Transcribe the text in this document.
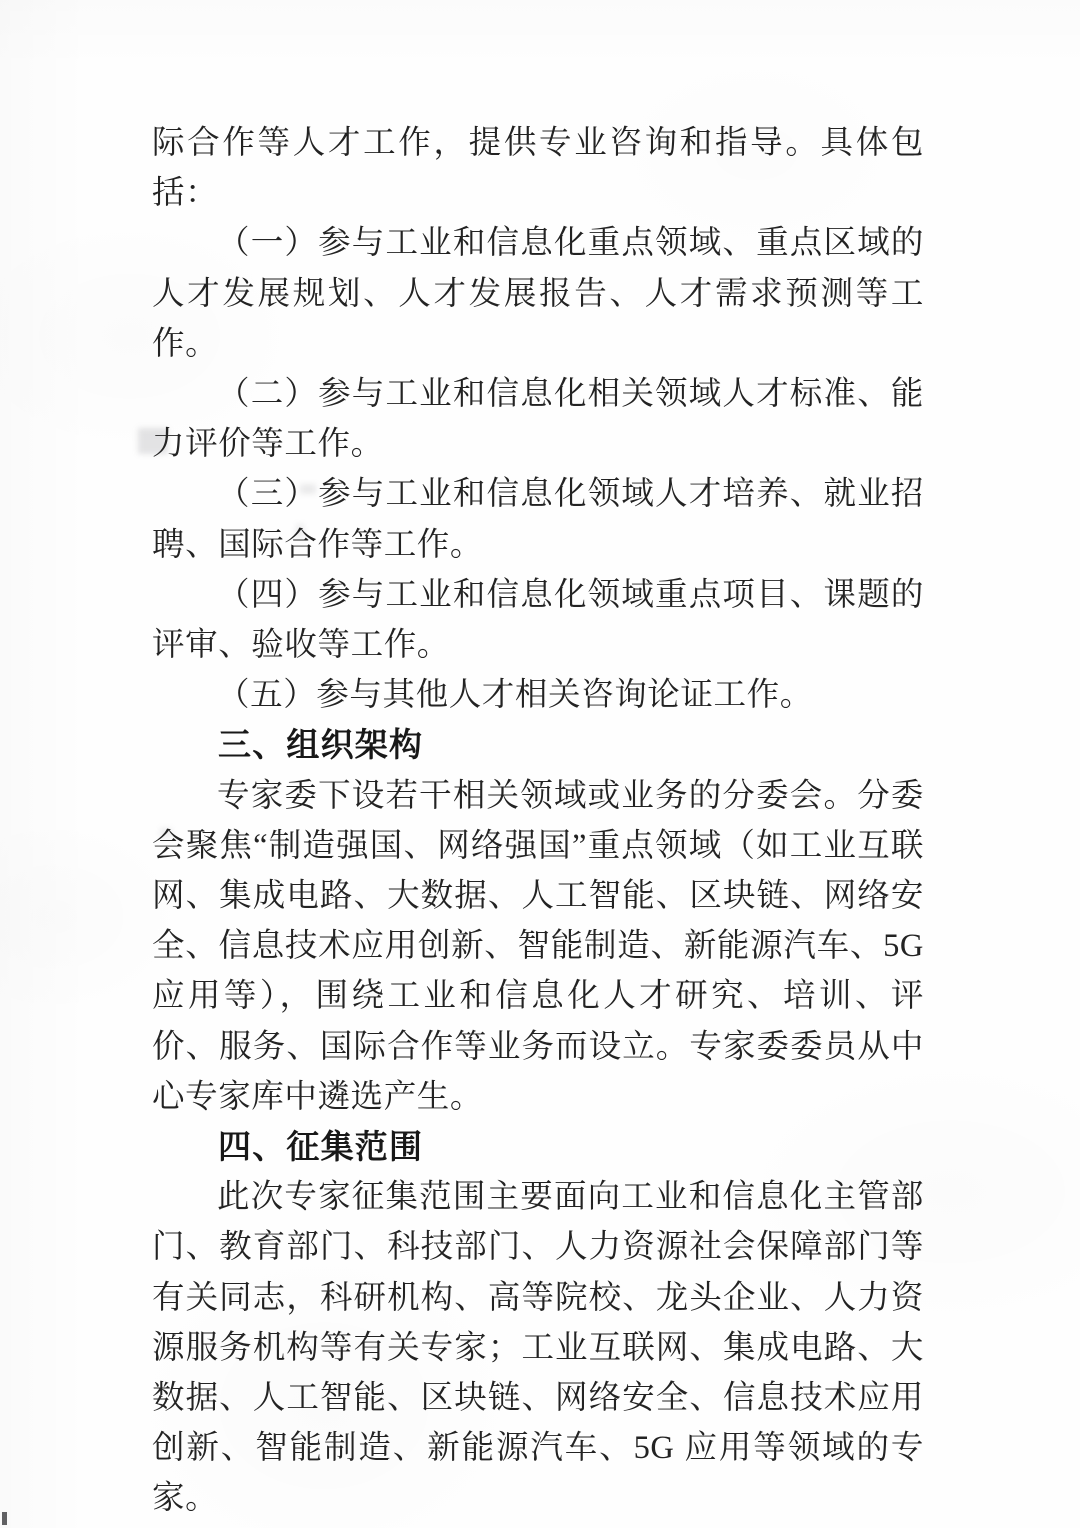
际合作等人才工作，提供专业咨询和指导。具体包括：

（一）参与工业和信息化重点领域、重点区域的人才发展规划、人才发展报告、人才需求预测等工作。

（二）参与工业和信息化相关领域人才标准、能力评价等工作。

（三）参与工业和信息化领域人才培养、就业招聘、国际合作等工作。

（四）参与工业和信息化领域重点项目、课题的评审、验收等工作。

（五）参与其他人才相关咨询论证工作。

三、组织架构

专家委下设若干相关领域或业务的分委会。分委会聚焦“制造强国、网络强国”重点领域（如工业互联网、集成电路、大数据、人工智能、区块链、网络安全、信息技术应用创新、智能制造、新能源汽车、5G 应用等），围绕工业和信息化人才研究、培训、评价、服务、国际合作等业务而设立。专家委委员从中心专家库中遴选产生。

四、征集范围

此次专家征集范围主要面向工业和信息化主管部门、教育部门、科技部门、人力资源社会保障部门等有关同志，科研机构、高等院校、龙头企业、人力资源服务机构等有关专家；工业互联网、集成电路、大数据、人工智能、区块链、网络安全、信息技术应用创新、智能制造、新能源汽车、5G 应用等领域的专家。
